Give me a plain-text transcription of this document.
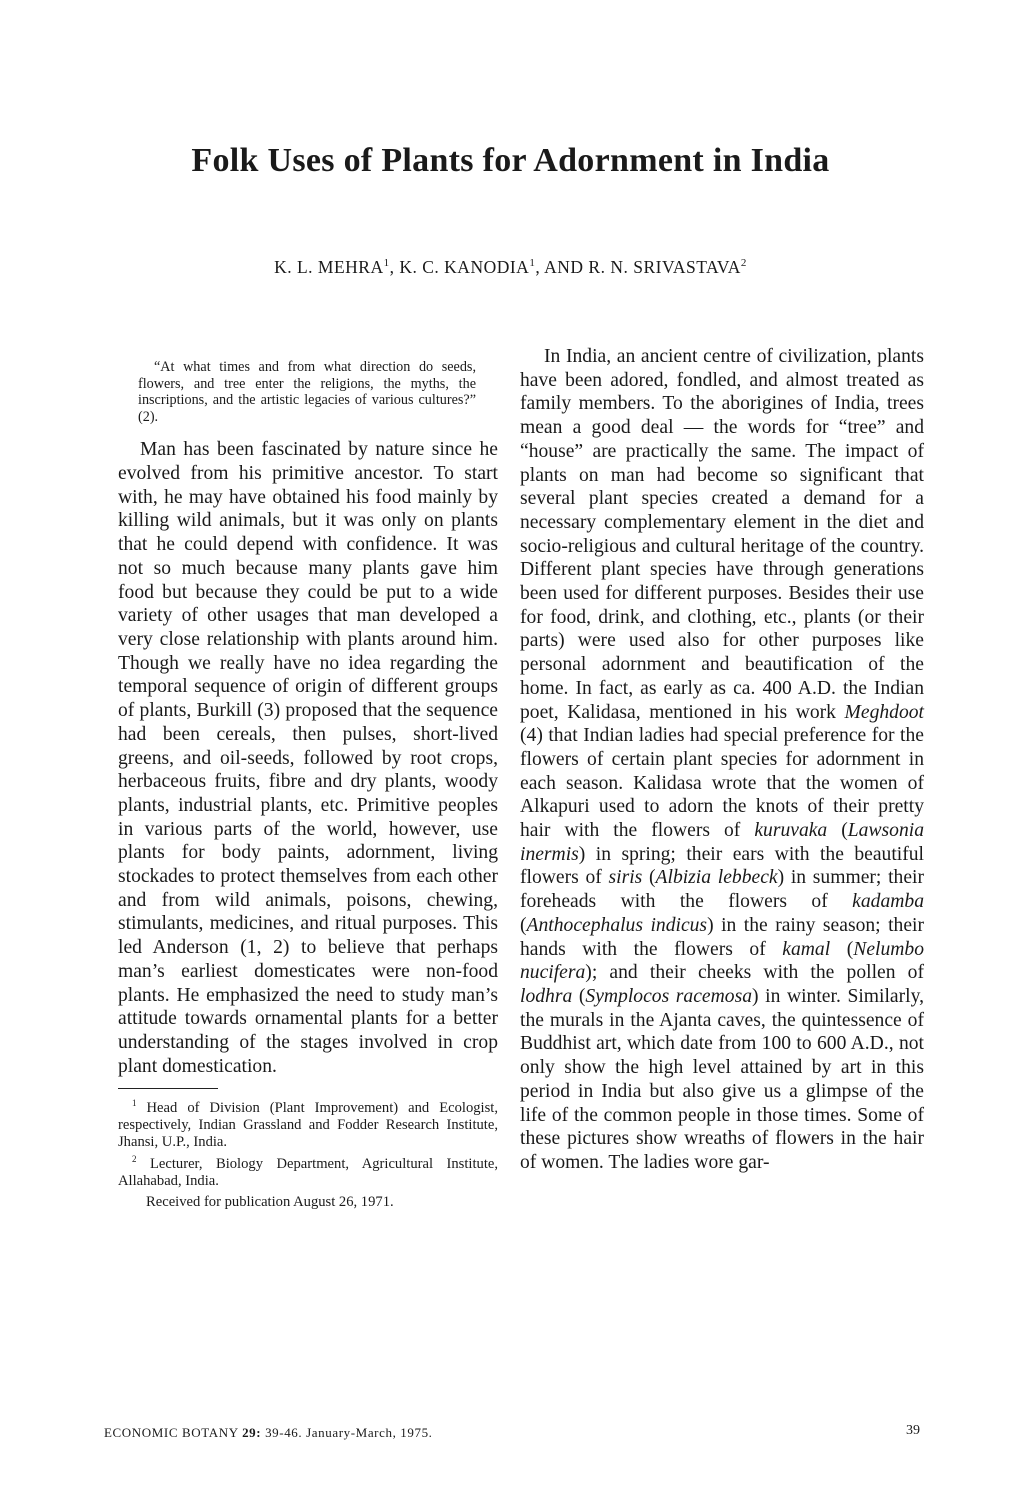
Folk Uses of Plants for Adornment in India
K. L. MEHRA$^1$, K. C. KANODIA$^1$, AND R. N. SRIVASTAVA$^2$

“At what times and from what direction do seeds, flowers, and tree enter the religions, the myths, the inscriptions, and the artistic legacies of various cultures?” (2).

Man has been fascinated by nature since he evolved from his primitive ancestor. To start with, he may have obtained his food mainly by killing wild animals, but it was only on plants that he could depend with confidence. It was not so much because many plants gave him food but because they could be put to a wide variety of other usages that man developed a very close relationship with plants around him. Though we really have no idea regarding the temporal sequence of origin of different groups of plants, Burkill (3) proposed that the sequence had been cereals, then pulses, short-lived greens, and oil-seeds, followed by root crops, herbaceous fruits, fibre and dry plants, woody plants, industrial plants, etc. Primitive peoples in various parts of the world, however, use plants for body paints, adornment, living stockades to protect themselves from each other and from wild animals, poisons, chewing, stimulants, medicines, and ritual purposes. This led Anderson (1, 2) to believe that perhaps man’s earliest domesticates were non-food plants. He emphasized the need to study man’s attitude towards ornamental plants for a better understanding of the stages involved in crop plant domestication.

$^1$ Head of Division (Plant Improvement) and Ecologist, respectively, Indian Grassland and Fodder Research Institute, Jhansi, U.P., India.

$^2$ Lecturer, Biology Department, Agricultural Institute, Allahabad, India.

Received for publication August 26, 1971.

In India, an ancient centre of civilization, plants have been adored, fondled, and almost treated as family members. To the aborigines of India, trees mean a good deal — the words for “tree” and “house” are practically the same. The impact of plants on man had become so significant that several plant species created a demand for a necessary complementary element in the diet and socio-religious and cultural heritage of the country. Different plant species have through generations been used for different purposes. Besides their use for food, drink, and clothing, etc., plants (or their parts) were used also for other purposes like personal adornment and beautification of the home. In fact, as early as ca. 400 A.D. the Indian poet, Kalidasa, mentioned in his work Meghdoot (4) that Indian ladies had special preference for the flowers of certain plant species for adornment in each season. Kalidasa wrote that the women of Alkapuri used to adorn the knots of their pretty hair with the flowers of kuruvaka (Lawsonia inermis) in spring; their ears with the beautiful flowers of siris (Albizia lebbeck) in summer; their foreheads with the flowers of kadamba (Anthocephalus indicus) in the rainy season; their hands with the flowers of kamal (Nelumbo nucifera); and their cheeks with the pollen of lodhra (Symplocos racemosa) in winter. Similarly, the murals in the Ajanta caves, the quintessence of Buddhist art, which date from 100 to 600 A.D., not only show the high level attained by art in this period in India but also give us a glimpse of the life of the common people in those times. Some of these pictures show wreaths of flowers in the hair of women. The ladies wore gar-

ECONOMIC BOTANY 29: 39-46. January-March, 1975.	39
